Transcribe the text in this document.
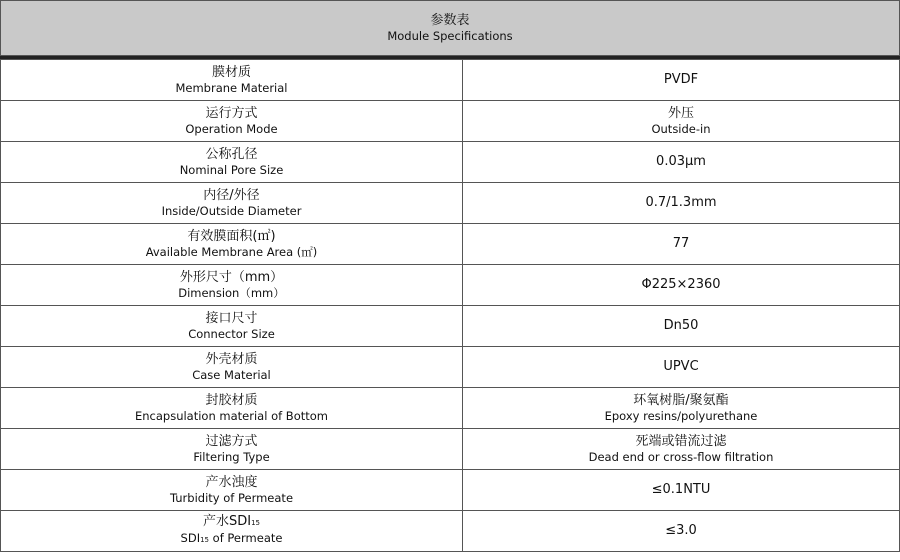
参数表
Module Specifications
膜材质
Membrane Material	PVDF

运行方式
Operation Mode	外压
Outside-in

公称孔径
Nominal Pore Size	0.03μm

内径/外径
Inside/Outside Diameter	0.7/1.3mm

有效膜面积(㎡)
Available Membrane Area (㎡)	77

外形尺寸（mm）
Dimension（mm）	Φ225×2360

接口尺寸
Connector Size	Dn50

外壳材质
Case Material	UPVC

封胶材质
Encapsulation material of Bottom	环氧树脂/聚氨酯
Epoxy resins/polyurethane

过滤方式
Filtering Type	死端或错流过滤
Dead end or cross-flow filtration

产水浊度
Turbidity of Permeate	≤0.1NTU

产水SDI15
SDI15 of Permeate	≤3.0
